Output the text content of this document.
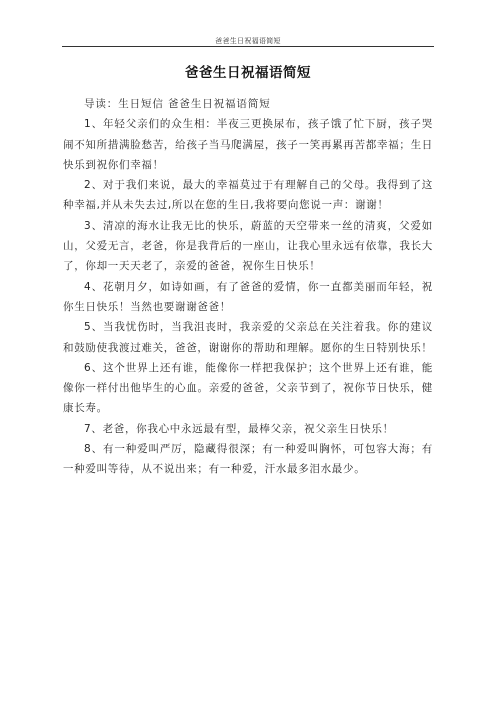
爸爸生日祝福语简短
爸爸生日祝福语简短

导读：生日短信 爸爸生日祝福语简短

1、年轻父亲们的众生相：半夜三更换尿布，孩子饿了忙下厨，孩子哭闹不知所措满脸愁苦，给孩子当马爬满屋，孩子一笑再累再苦都幸福；生日快乐到祝你们幸福！

2、对于我们来说，最大的幸福莫过于有理解自己的父母。我得到了这种幸福,并从未失去过,所以在您的生日,我将要向您说一声：谢谢！

3、清凉的海水让我无比的快乐，蔚蓝的天空带来一丝的清爽，父爱如山，父爱无言，老爸，你是我背后的一座山，让我心里永远有依靠，我长大了，你却一天天老了，亲爱的爸爸，祝你生日快乐！

4、花朝月夕，如诗如画，有了爸爸的爱情，你一直都美丽而年轻，祝你生日快乐！当然也要谢谢爸爸！

5、当我忧伤时，当我沮丧时，我亲爱的父亲总在关注着我。你的建议和鼓励使我渡过难关，爸爸，谢谢你的帮助和理解。愿你的生日特别快乐！

6、这个世界上还有谁，能像你一样把我保护；这个世界上还有谁，能像你一样付出他毕生的心血。亲爱的爸爸，父亲节到了，祝你节日快乐，健康长寿。

7、老爸，你我心中永远最有型，最棒父亲，祝父亲生日快乐！

8、有一种爱叫严厉，隐藏得很深；有一种爱叫胸怀，可包容大海；有一种爱叫等待，从不说出来；有一种爱，汗水最多泪水最少。
